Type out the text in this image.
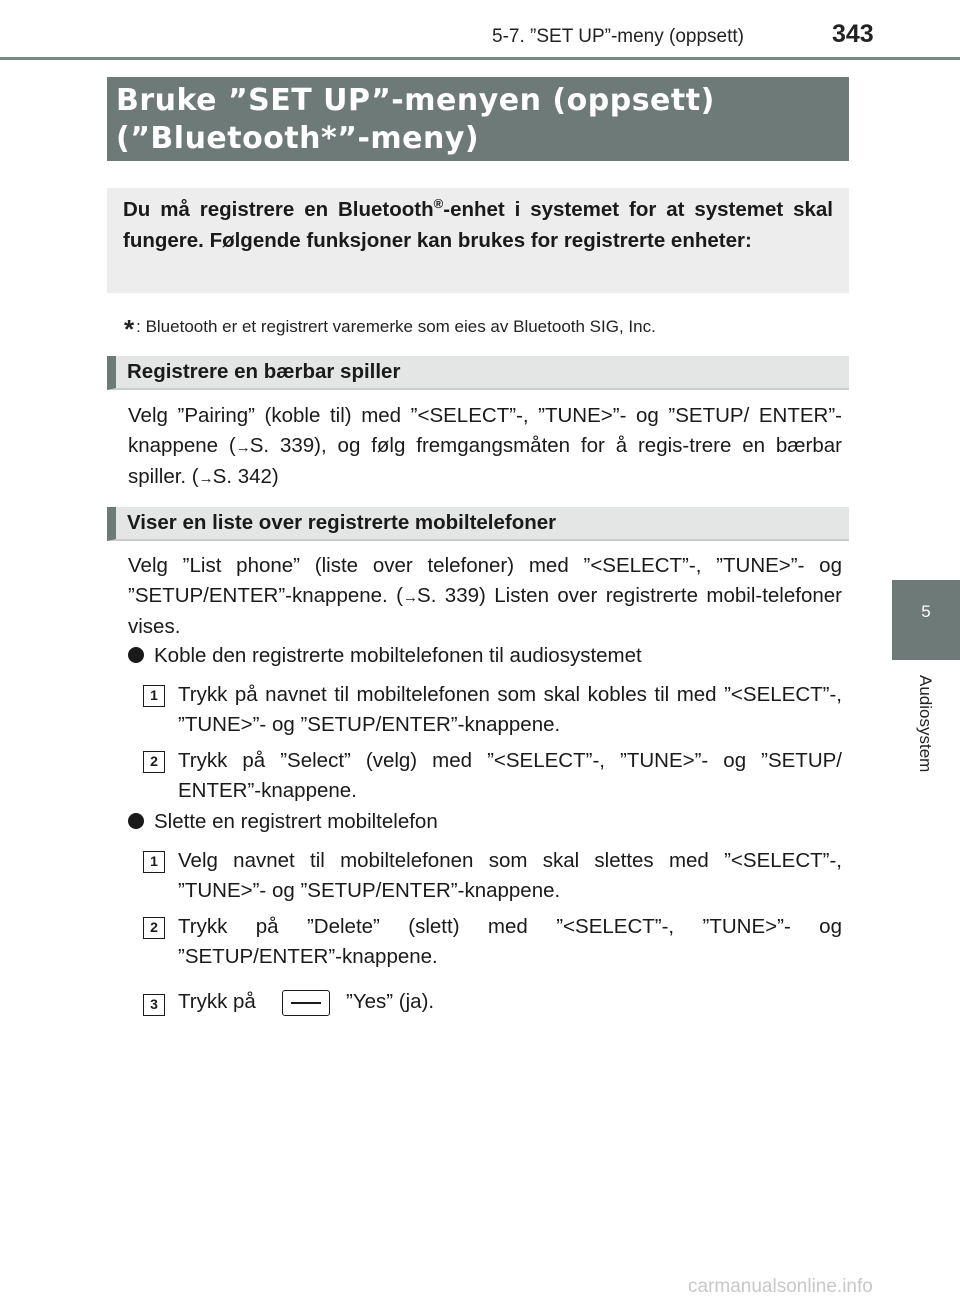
5-7. ”SET UP”-meny (oppsett)	343
5
Audiosystem
Bruke ”SET UP”-menyen (oppsett)
(”Bluetooth*”-meny)

Du må registrere en Bluetooth®-enhet i systemet for at systemet skal fungere. Følgende funksjoner kan brukes for registrerte enheter:

* : Bluetooth er et registrert varemerke som eies av Bluetooth SIG, Inc.
Registrere en bærbar spiller

Velg ”Pairing” (koble til) med ”<SELECT”-, ”TUNE>”- og ”SETUP/ ENTER”-knappene (→S. 339), og følg fremgangsmåten for å regis-trere en bærbar spiller. (→S. 342)

Viser en liste over registrerte mobiltelefoner

Velg ”List phone” (liste over telefoner) med ”<SELECT”-, ”TUNE>”- og ”SETUP/ENTER”-knappene. (→S. 339) Listen over registrerte mobil-telefoner vises.

Koble den registrerte mobiltelefonen til audiosystemet
1 Trykk på navnet til mobiltelefonen som skal kobles til med ”<SELECT”-, ”TUNE>”- og ”SETUP/ENTER”-knappene.

2 Trykk på ”Select” (velg) med ”<SELECT”-, ”TUNE>”- og ”SETUP/ ENTER”-knappene.

Slette en registrert mobiltelefon
1 Velg navnet til mobiltelefonen som skal slettes med ”<SELECT”-, ”TUNE>”- og ”SETUP/ENTER”-knappene.

2 Trykk på ”Delete” (slett) med ”<SELECT”-, ”TUNE>”- og ”SETUP/ENTER”-knappene.

3 Trykk på	”Yes” (ja).
carmanualsonline.info
